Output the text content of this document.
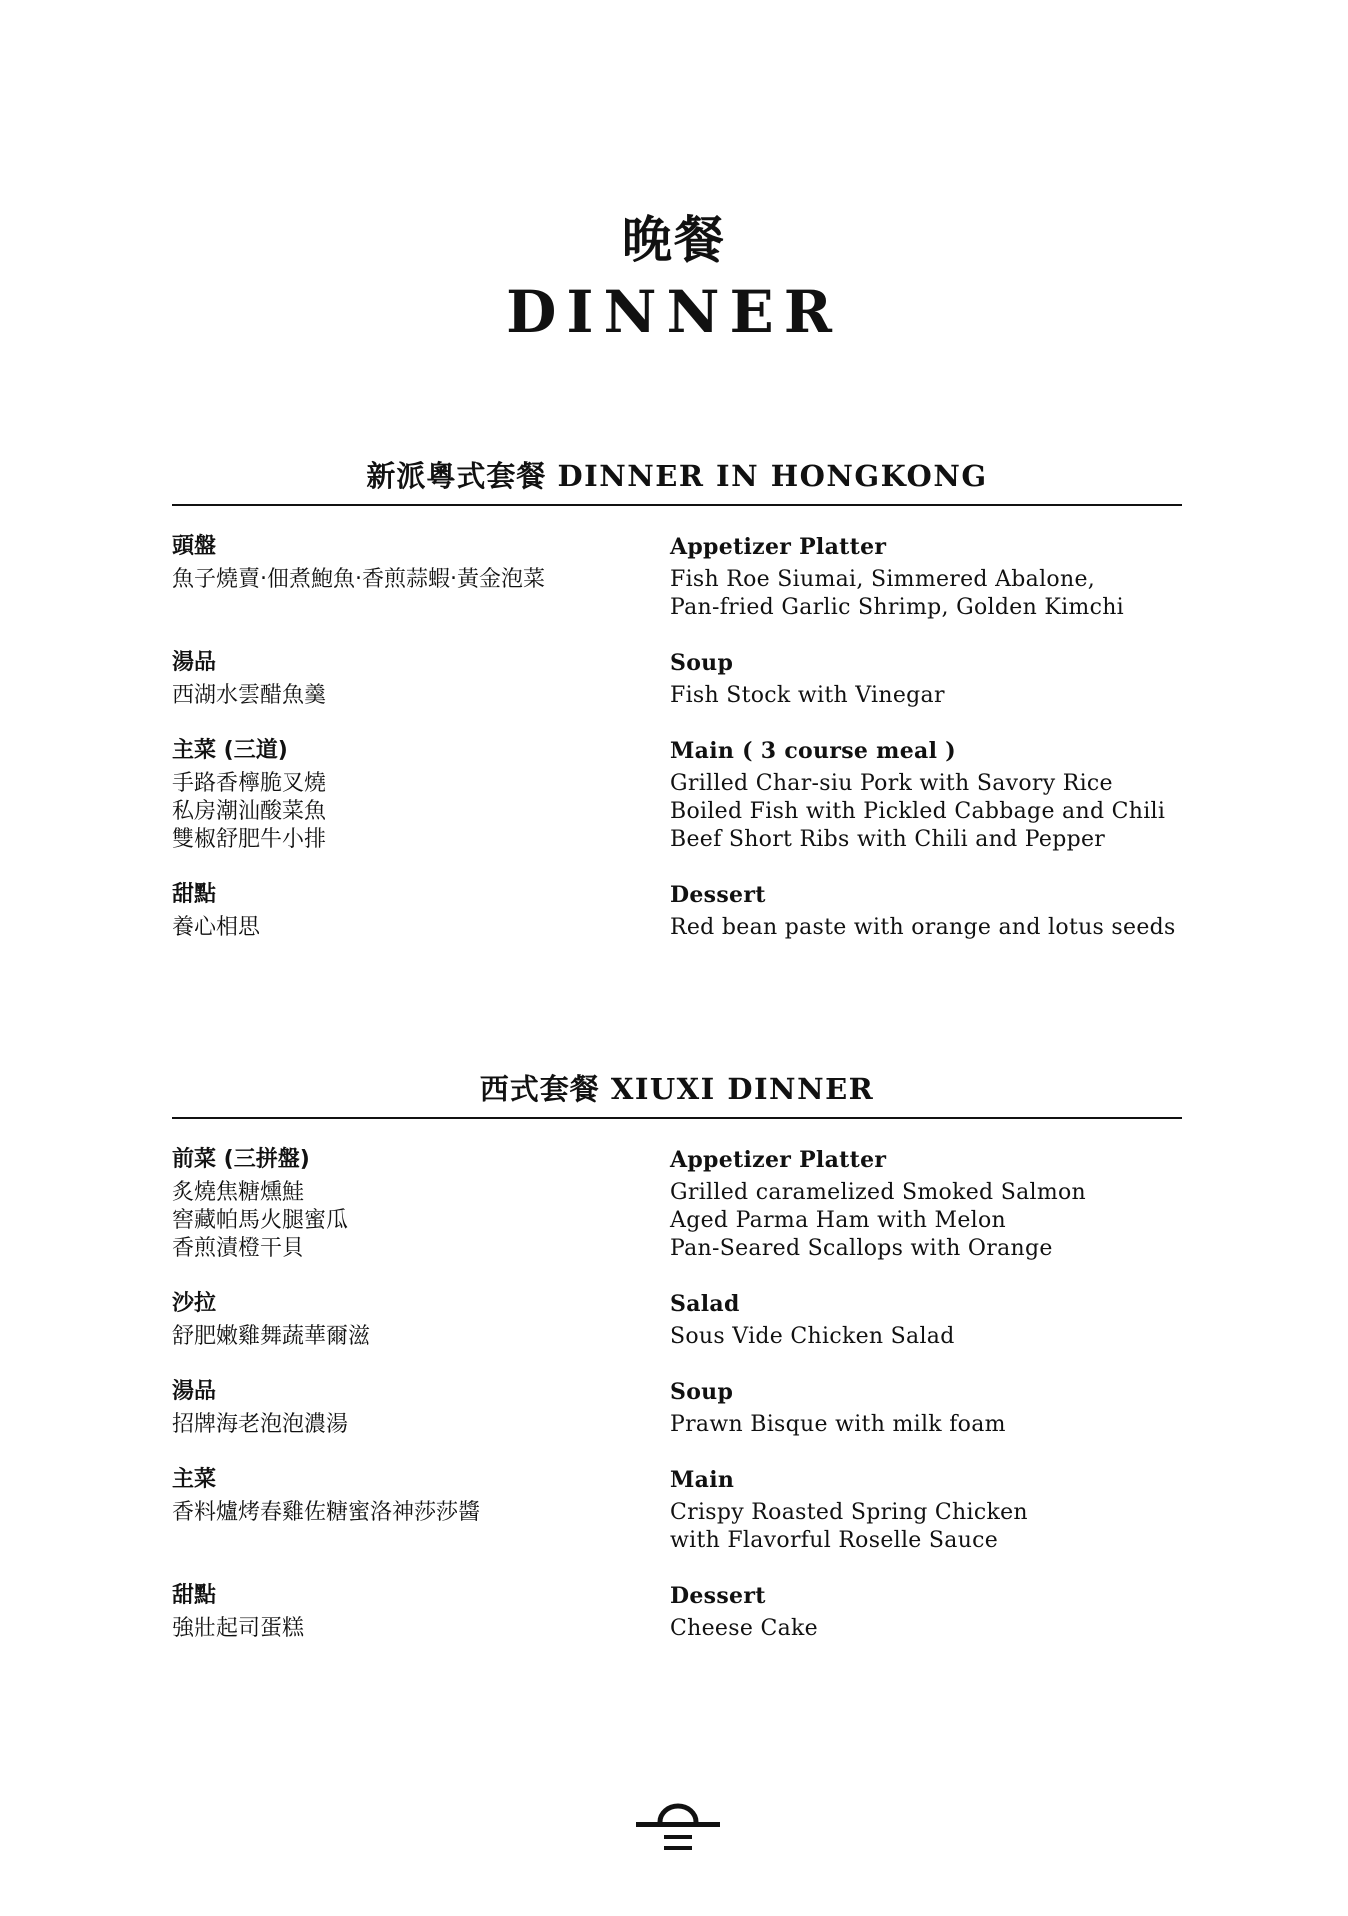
晚餐
DINNER
新派粵式套餐 DINNER IN HONGKONG
頭盤
魚子燒賣‧佃煮鮑魚‧香煎蒜蝦‧黃金泡菜
Appetizer Platter
Fish Roe Siumai, Simmered Abalone,
Pan-fried Garlic Shrimp, Golden Kimchi
湯品
西湖水雲醋魚羹
Soup
Fish Stock with Vinegar
主菜 (三道)
手路香檸脆叉燒
私房潮汕酸菜魚
雙椒舒肥牛小排
Main ( 3 course meal )
Grilled Char-siu Pork with Savory Rice
Boiled Fish with Pickled Cabbage and Chili
Beef Short Ribs with Chili and Pepper
甜點
養心相思
Dessert
Red bean paste with orange and lotus seeds
西式套餐 XIUXI DINNER
前菜 (三拼盤)
炙燒焦糖燻鮭
窖藏帕馬火腿蜜瓜
香煎漬橙干貝
Appetizer Platter
Grilled caramelized Smoked Salmon
Aged Parma Ham with Melon
Pan-Seared Scallops with Orange
沙拉
舒肥嫩雞舞蔬華爾滋
Salad
Sous Vide Chicken Salad
湯品
招牌海老泡泡濃湯
Soup
Prawn Bisque with milk foam
主菜
香料爐烤春雞佐糖蜜洛神莎莎醬
Main
Crispy Roasted Spring Chicken
with Flavorful Roselle Sauce
甜點
強壯起司蛋糕
Dessert
Cheese Cake
